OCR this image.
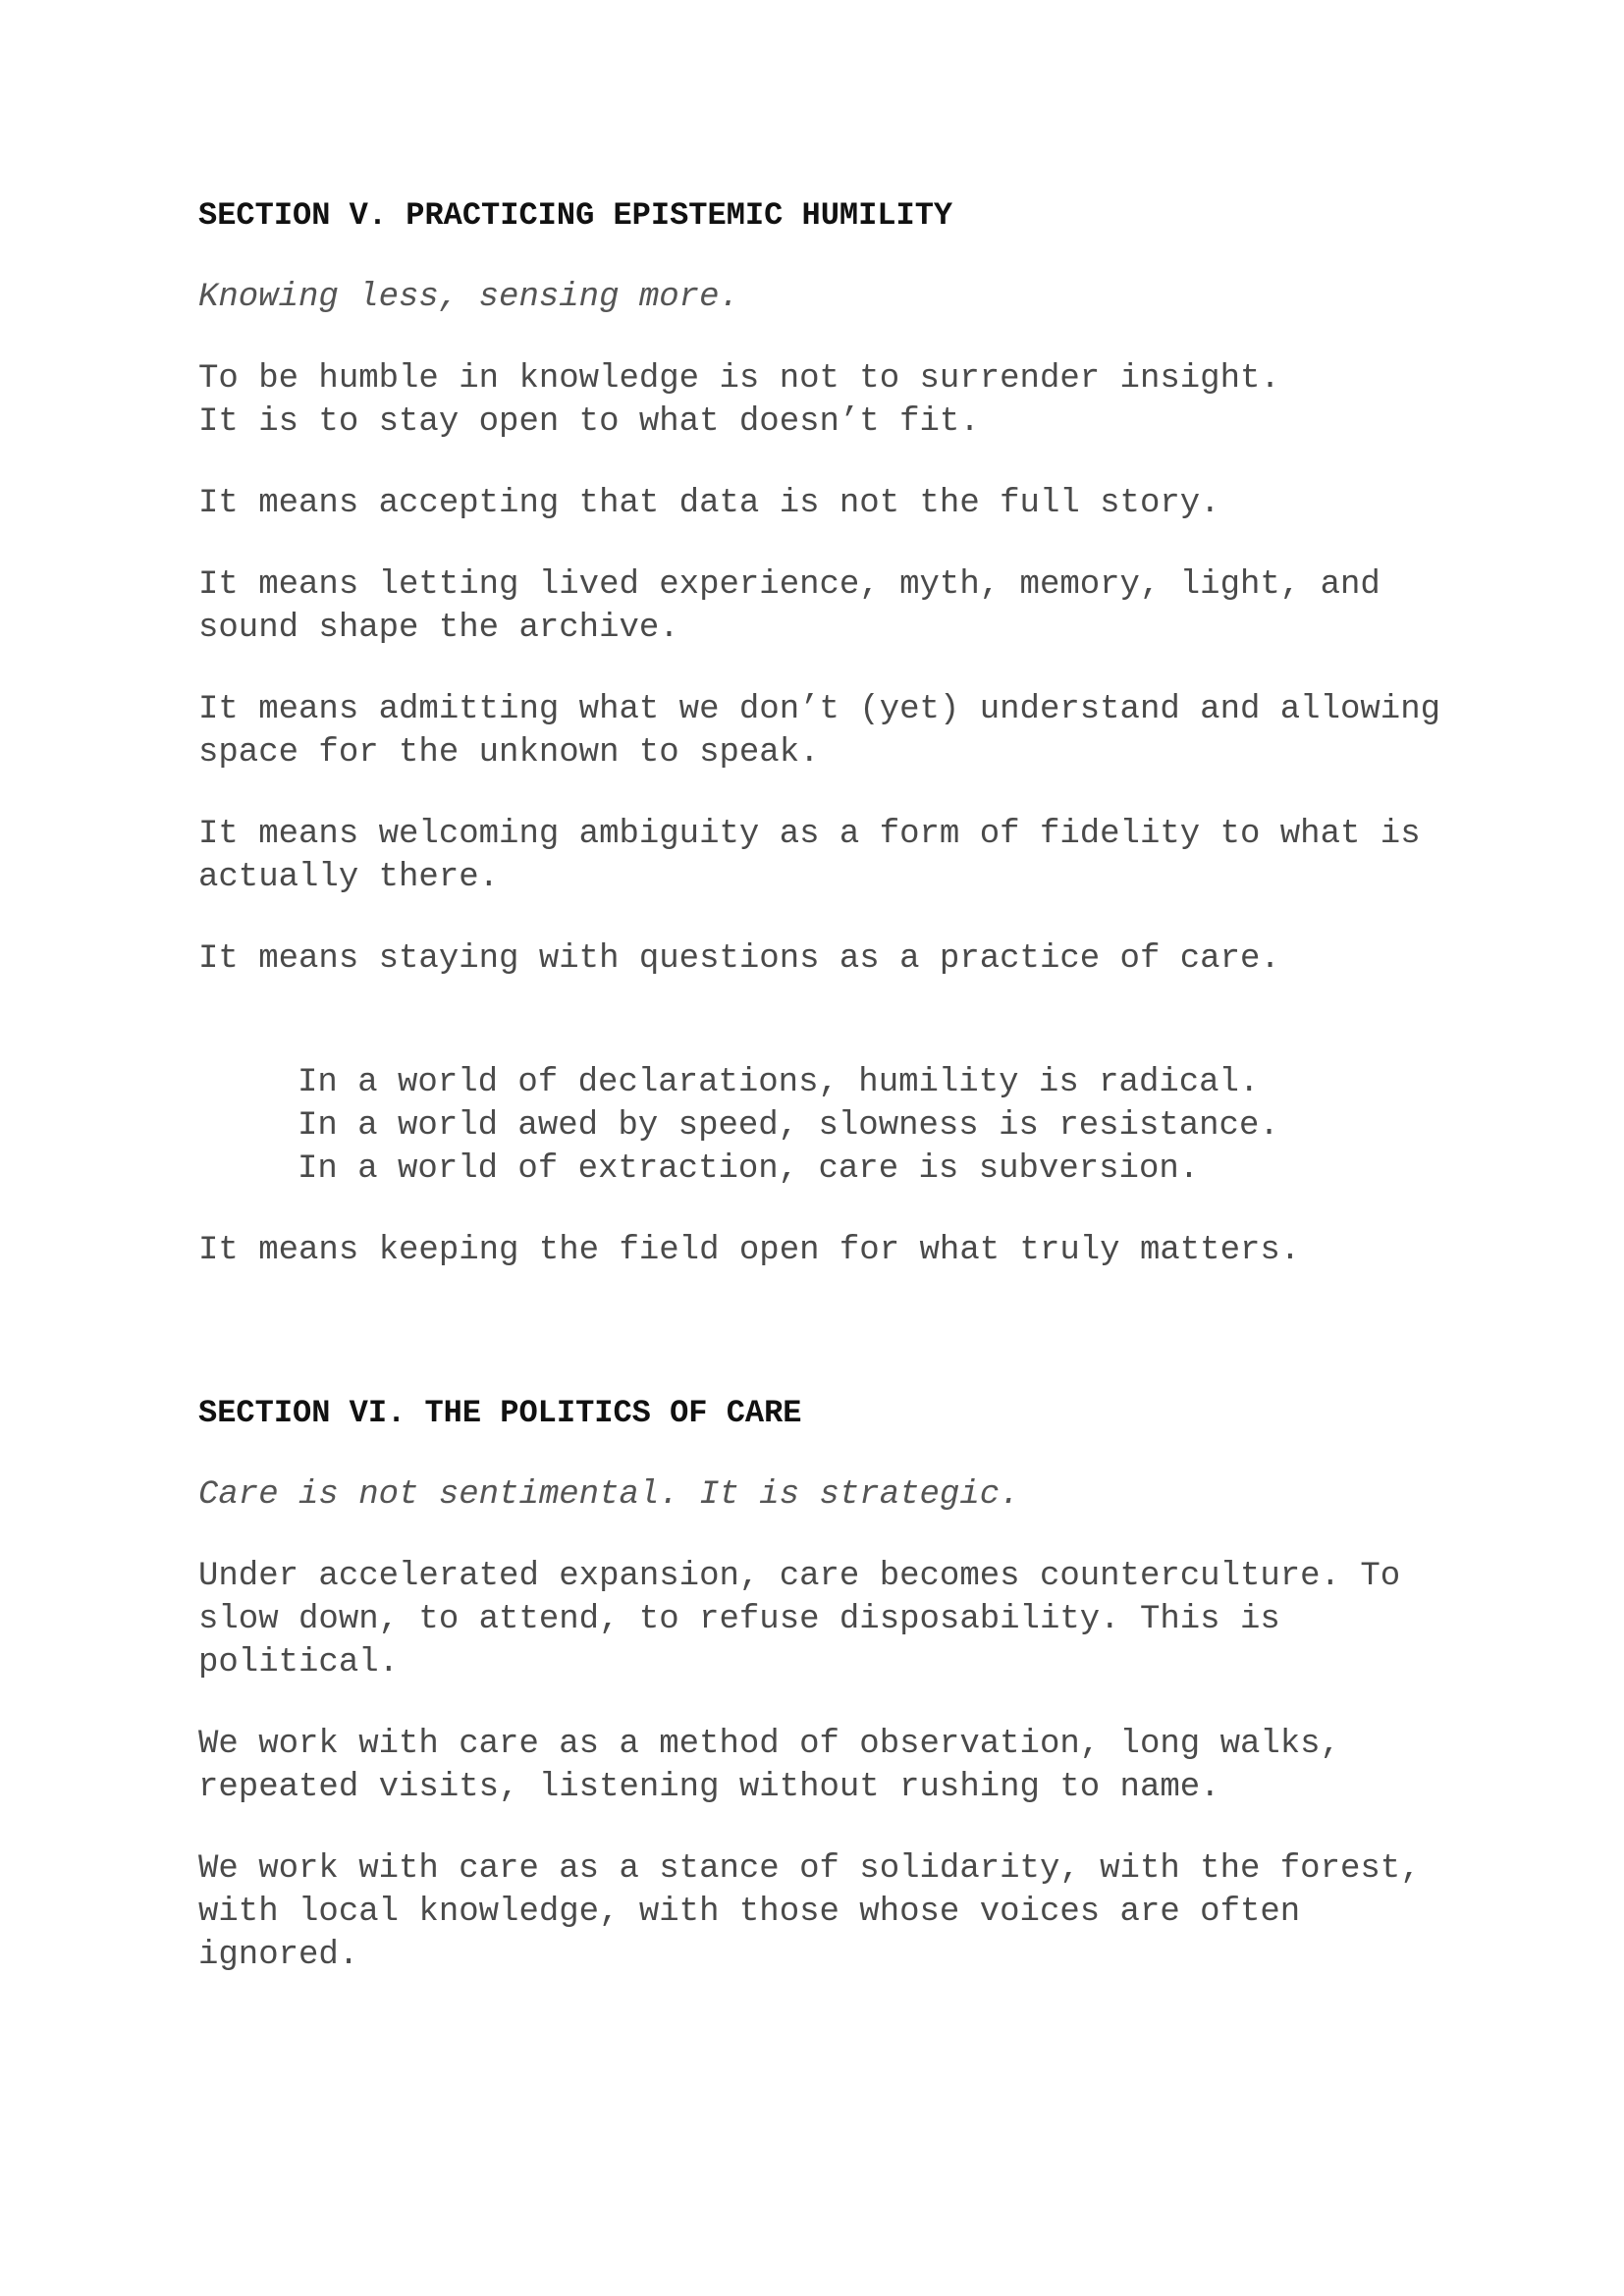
SECTION V. PRACTICING EPISTEMIC HUMILITY

Knowing less, sensing more.

To be humble in knowledge is not to surrender insight.

It is to stay open to what doesn’t fit.

It means accepting that data is not the full story.

It means letting lived experience, myth, memory, light, and

sound shape the archive.

It means admitting what we don’t (yet) understand and allowing

space for the unknown to speak.

It means welcoming ambiguity as a form of fidelity to what is

actually there.

It means staying with questions as a practice of care.

In a world of declarations, humility is radical.

In a world awed by speed, slowness is resistance.

In a world of extraction, care is subversion.

It means keeping the field open for what truly matters.

SECTION VI. THE POLITICS OF CARE

Care is not sentimental. It is strategic.

Under accelerated expansion, care becomes counterculture. To

slow down, to attend, to refuse disposability. This is

political.

We work with care as a method of observation, long walks,

repeated visits, listening without rushing to name.

We work with care as a stance of solidarity, with the forest,

with local knowledge, with those whose voices are often

ignored.
